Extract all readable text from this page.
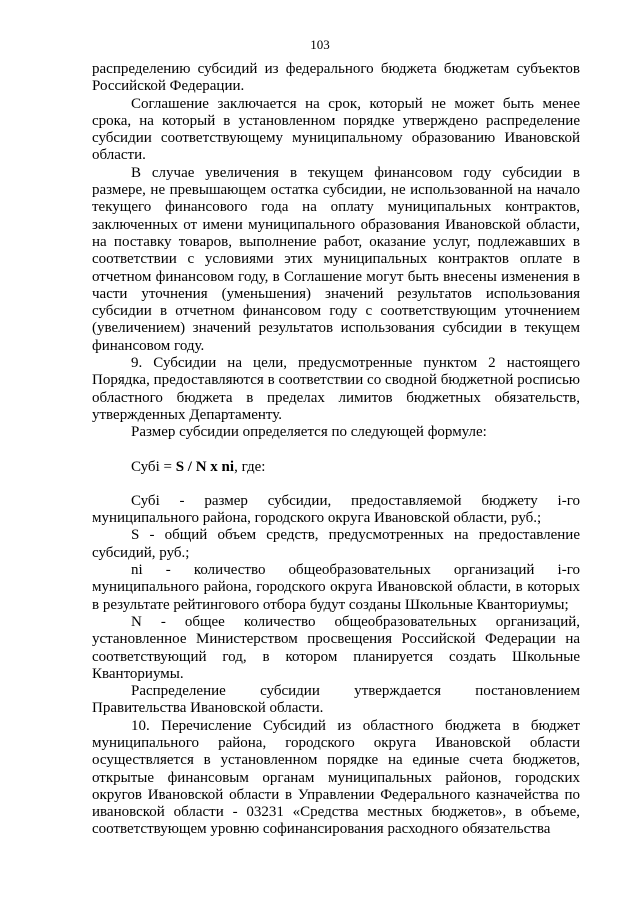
103

распределению субсидий из федерального бюджета бюджетам субъектов Российской Федерации.

Соглашение заключается на срок, который не может быть менее срока, на который в установленном порядке утверждено распределение субсидии соответствующему муниципальному образованию Ивановской области.

В случае увеличения в текущем финансовом году субсидии в размере, не превышающем остатка субсидии, не использованной на начало текущего финансового года на оплату муниципальных контрактов, заключенных от имени муниципального образования Ивановской области, на поставку товаров, выполнение работ, оказание услуг, подлежавших в соответствии с условиями этих муниципальных контрактов оплате в отчетном финансовом году, в Соглашение могут быть внесены изменения в части уточнения (уменьшения) значений результатов использования субсидии в отчетном финансовом году с соответствующим уточнением (увеличением) значений результатов использования субсидии в текущем финансовом году.

9. Субсидии на цели, предусмотренные пунктом 2 настоящего Порядка, предоставляются в соответствии со сводной бюджетной росписью областного бюджета в пределах лимитов бюджетных обязательств, утвержденных Департаменту.

Размер субсидии определяется по следующей формуле:

Субi = S / N x ni, где:

Субi - размер субсидии, предоставляемой бюджету i-го муниципального района, городского округа Ивановской области, руб.;

S - общий объем средств, предусмотренных на предоставление субсидий, руб.;

ni - количество общеобразовательных организаций i-го муниципального района, городского округа Ивановской области, в которых в результате рейтингового отбора будут созданы Школьные Кванториумы;

N - общее количество общеобразовательных организаций, установленное Министерством просвещения Российской Федерации на соответствующий год, в котором планируется создать Школьные Кванториумы.

Распределение субсидии утверждается постановлением Правительства Ивановской области.

10. Перечисление Субсидий из областного бюджета в бюджет муниципального района, городского округа Ивановской области осуществляется в установленном порядке на единые счета бюджетов, открытые финансовым органам муниципальных районов, городских округов Ивановской области в Управлении Федерального казначейства по ивановской области - 03231 «Средства местных бюджетов», в объеме, соответствующем уровню софинансирования расходного обязательства
